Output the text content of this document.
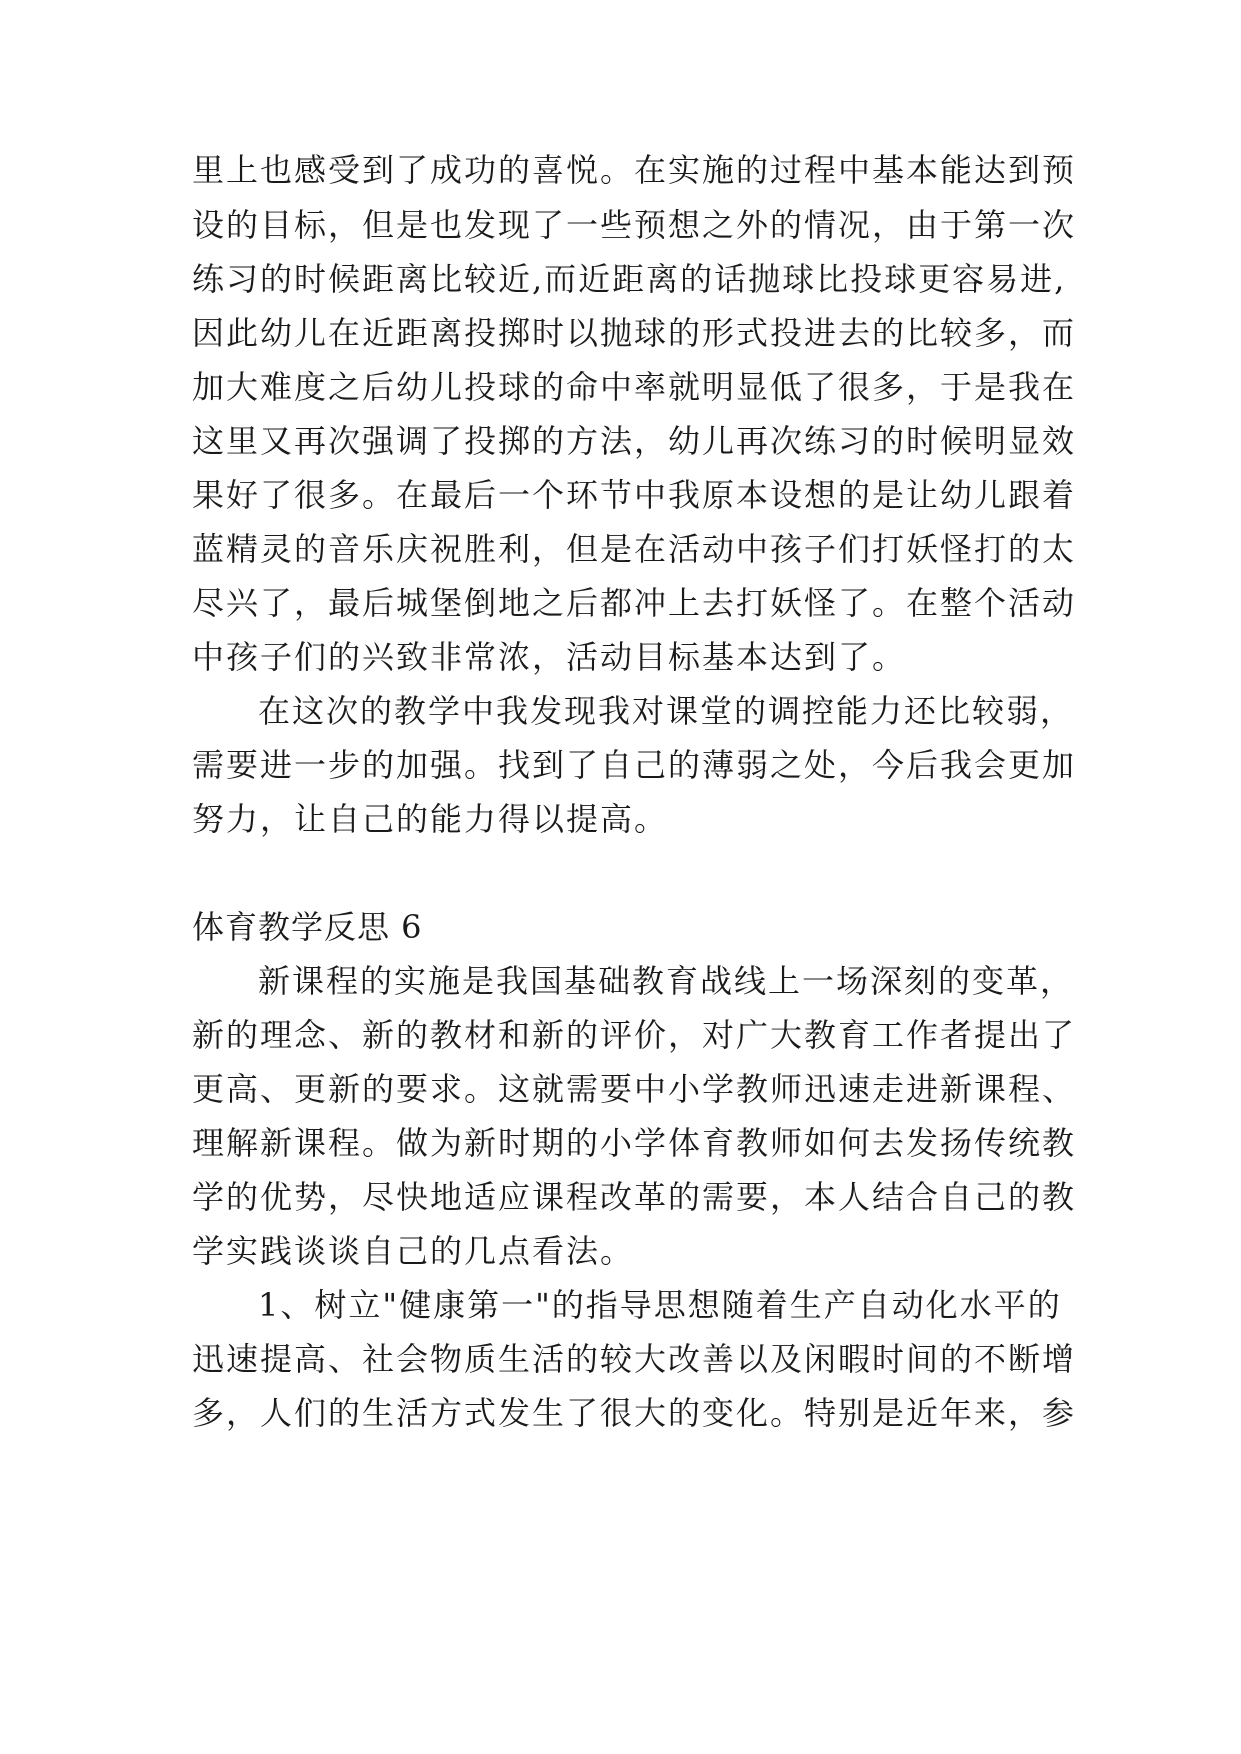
里上也感受到了成功的喜悦。在实施的过程中基本能达到预
设的目标，但是也发现了一些预想之外的情况，由于第一次
练习的时候距离比较近,而近距离的话抛球比投球更容易进,
因此幼儿在近距离投掷时以抛球的形式投进去的比较多，而
加大难度之后幼儿投球的命中率就明显低了很多，于是我在
这里又再次强调了投掷的方法，幼儿再次练习的时候明显效
果好了很多。在最后一个环节中我原本设想的是让幼儿跟着
蓝精灵的音乐庆祝胜利，但是在活动中孩子们打妖怪打的太
尽兴了，最后城堡倒地之后都冲上去打妖怪了。在整个活动
中孩子们的兴致非常浓，活动目标基本达到了。
在这次的教学中我发现我对课堂的调控能力还比较弱，
需要进一步的加强。找到了自己的薄弱之处，今后我会更加
努力，让自己的能力得以提高。
体育教学反思 6
新课程的实施是我国基础教育战线上一场深刻的变革，
新的理念、新的教材和新的评价，对广大教育工作者提出了
更高、更新的要求。这就需要中小学教师迅速走进新课程、
理解新课程。做为新时期的小学体育教师如何去发扬传统教
学的优势，尽快地适应课程改革的需要，本人结合自己的教
学实践谈谈自己的几点看法。
1、树立"健康第一"的指导思想随着生产自动化水平的
迅速提高、社会物质生活的较大改善以及闲暇时间的不断增
多，人们的生活方式发生了很大的变化。特别是近年来，参
